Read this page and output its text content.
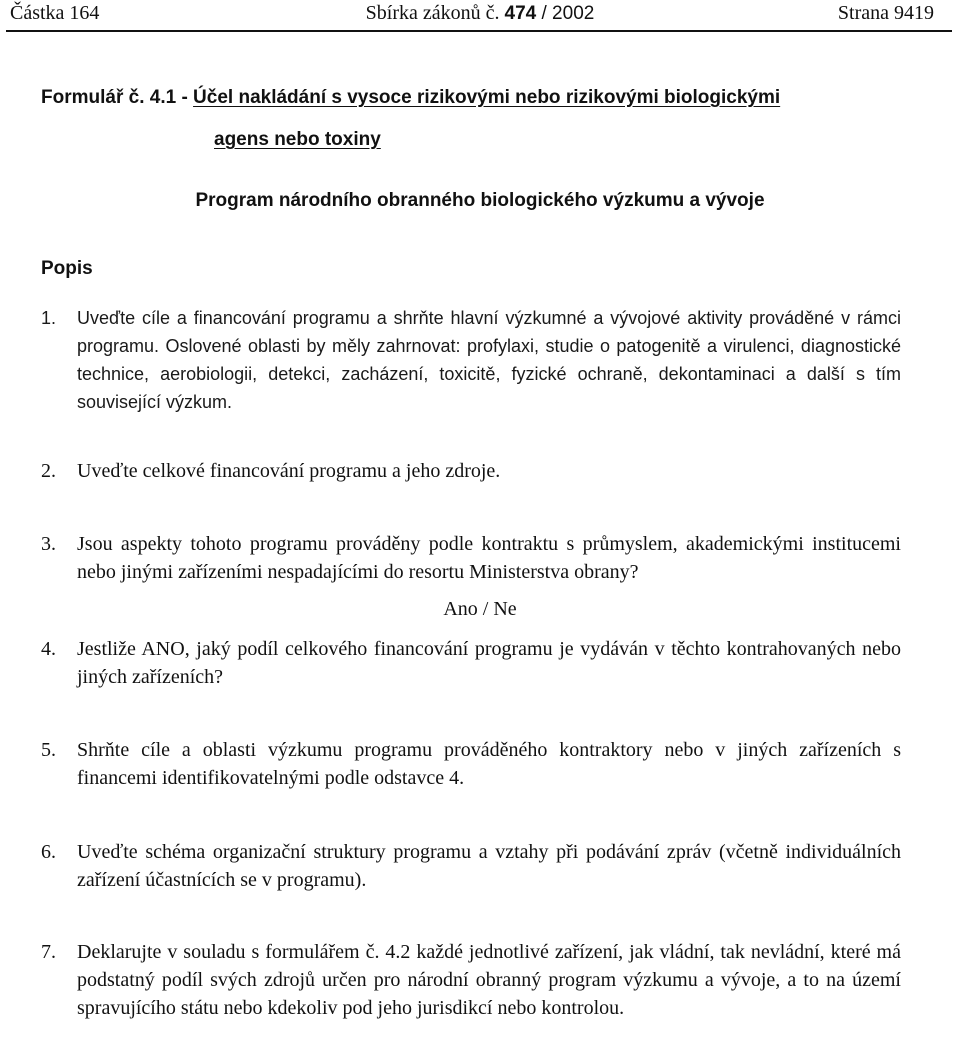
Částka 164	Sbírka zákonů č. 474 / 2002	Strana 9419
Formulář č. 4.1 - Účel nakládání s vysoce rizikovými nebo rizikovými biologickými
agens nebo toxiny
Program národního obranného biologického výzkumu a vývoje
Popis
1. Uveďte cíle a financování programu a shrňte hlavní výzkumné a vývojové aktivity prováděné v rámci programu. Oslovené oblasti by měly zahrnovat: profylaxi, studie o patogenitě a virulenci, diagnostické technice, aerobiologii, detekci, zacházení, toxicitě, fyzické ochraně, dekontaminaci a další s tím související výzkum.
2. Uveďte celkové financování programu a jeho zdroje.
3. Jsou aspekty tohoto programu prováděny podle kontraktu s průmyslem, akademickými institucemi nebo jinými zařízeními nespadajícími do resortu Ministerstva obrany?
Ano / Ne
4. Jestliže ANO, jaký podíl celkového financování programu je vydáván v těchto kontrahovaných nebo jiných zařízeních?
5. Shrňte cíle a oblasti výzkumu programu prováděného kontraktory nebo v jiných zařízeních s financemi identifikovatelnými podle odstavce 4.
6. Uveďte schéma organizační struktury programu a vztahy při podávání zpráv (včetně individuálních zařízení účastnících se v programu).
7. Deklarujte v souladu s formulářem č. 4.2 každé jednotlivé zařízení, jak vládní, tak nevládní, které má podstatný podíl svých zdrojů určen pro národní obranný program výzkumu a vývoje, a to na území spravujícího státu nebo kdekoliv pod jeho jurisdikcí nebo kontrolou.
